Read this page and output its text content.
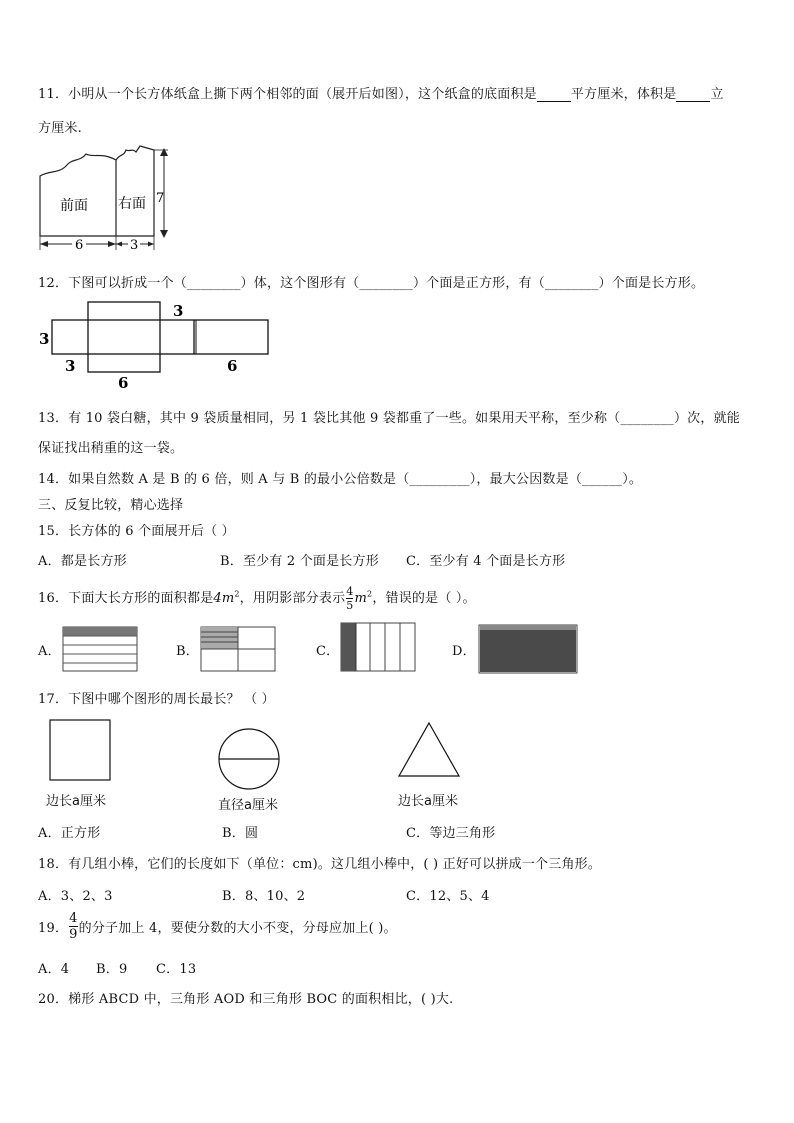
11．小明从一个长方体纸盒上撕下两个相邻的面（展开后如图），这个纸盒的底面积是	平方厘米，体积是	立
方厘米.
前面 右面 7
6	3
12．下图可以折成一个（________）体，这个图形有（________）个面是正方形，有（________）个面是长方形。
3
3
3
6
6
13．有 10 袋白糖，其中 9 袋质量相同，另 1 袋比其他 9 袋都重了一些。如果用天平称，至少称（________）次，就能
保证找出稍重的这一袋。
14．如果自然数 A 是 B 的 6 倍，则 A 与 B 的最小公倍数是（_________），最大公因数是（______）。
三、反复比较，精心选择
15．长方体的 6 个面展开后（ ）
A．都是长方形	B．至少有 2 个面是长方形 C．至少有 4 个面是长方形
16．下面大长方形的面积都是$4m^2$，用阴影部分表示 $\frac{4}{5} m^2$，错误的是（ ）。
A．	B．	C．	D．
17．下图中哪个图形的周长最长？ （ ）
边长a厘米	直径a厘米	边长a厘米
A．正方形	B．圆	C．等边三角形
18．有几组小棒，它们的长度如下（单位：cm)。这几组小棒中，( ) 正好可以拼成一个三角形。
A．3、2、3	B．8、10、2	C．12、5、4
19． $\frac{4}{9}$ 的分子加上 4，要使分数的大小不变，分母应加上( )。
A．4 B．9 C．13
20．梯形 ABCD 中，三角形 AOD 和三角形 BOC 的面积相比，( )大.
